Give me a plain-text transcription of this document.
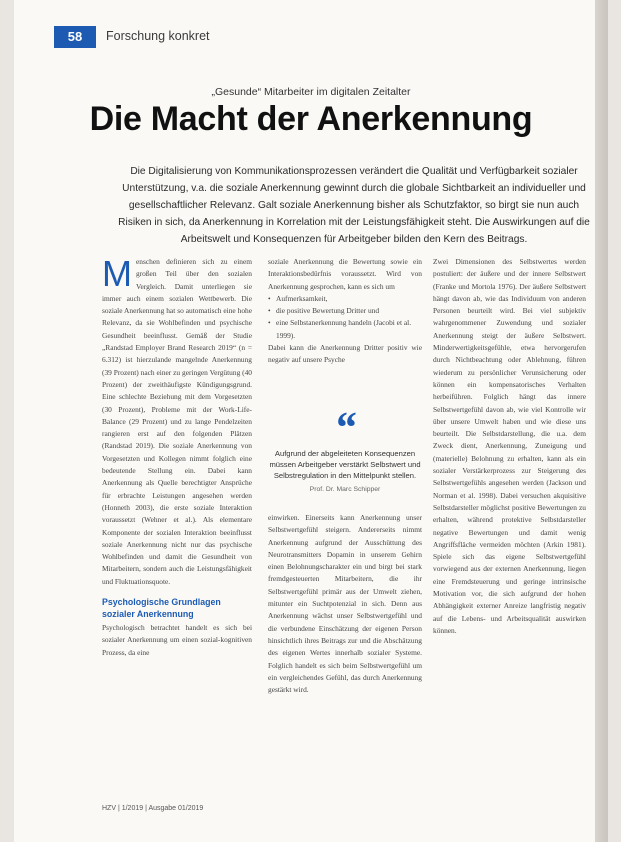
58	Forschung konkret
„Gesunde“ Mitarbeiter im digitalen Zeitalter
Die Macht der Anerkennung
Die Digitalisierung von Kommunikationsprozessen verändert die Qualität und Verfügbarkeit sozialer Unterstützung, v.a. die soziale Anerkennung gewinnt durch die globale Sichtbarkeit an individueller und gesellschaftlicher Relevanz. Galt soziale Anerkennung bisher als Schutzfaktor, so birgt sie nun auch Risiken in sich, da Anerkennung in Korrelation mit der Leistungsfähigkeit steht. Die Auswirkungen auf die Arbeitswelt und Konsequenzen für Arbeitgeber bilden den Kern des Beitrags.

Menschen definieren sich zu einem großen Teil über den sozialen Vergleich. Damit unterliegen sie immer auch einem sozialen Wettbewerb. Die soziale Anerkennung hat so automatisch eine hohe Relevanz, da sie Wohlbefinden und psychische Gesundheit beeinflusst. Gemäß der Studie „Randstad Employer Brand Research 2019“ (n = 6.312) ist hierzulande mangelnde Anerkennung (39 Prozent) nach einer zu geringen Vergütung (40 Prozent) der zweithäufigste Kündigungsgrund. Eine schlechte Beziehung mit dem Vorgesetzten (30 Prozent), Probleme mit der Work-Life-Balance (29 Prozent) und zu lange Pendelzeiten rangieren erst auf den folgenden Plätzen (Randstad 2019). Die soziale Anerkennung von Vorgesetzten und Kollegen nimmt folglich eine bedeutende Stellung ein. Dabei kann Anerkennung als Quelle berechtigter Ansprüche für erbrachte Leistungen angesehen werden (Honneth 2003), die erste soziale Interaktion voraussetzt (Wehner et al.). Als elementare Komponente der sozialen Interaktion beeinflusst soziale Anerkennung nicht nur das psychische Wohlbefinden und damit die Gesundheit von Mitarbeitern, sondern auch die Leistungsfähigkeit und Fluktuationsquote.

Psychologische Grundlagen sozialer Anerkennung

Psychologisch betrachtet handelt es sich bei sozialer Anerkennung um einen sozial-kognitiven Prozess, da eine

soziale Anerkennung die Bewertung sowie ein Interaktionsbedürfnis voraussetzt. Wird von Anerkennung gesprochen, kann es sich um

• Aufmerksamkeit,
• die positive Bewertung Dritter und
• eine Selbstanerkennung handeln (Jacobi et al. 1999).

Dabei kann die Anerkennung Dritter positiv wie negativ auf unsere Psyche

“
Aufgrund der abgeleiteten Konsequenzen müssen Arbeitgeber verstärkt Selbstwert und Selbstregulation in den Mittelpunkt stellen.
Prof. Dr. Marc Schipper

einwirken. Einerseits kann Anerkennung unser Selbstwertgefühl steigern. Andererseits nimmt Anerkennung aufgrund der Ausschüttung des Neurotransmitters Dopamin in unserem Gehirn einen Belohnungscharakter ein und birgt bei stark fremdgesteuerten Mitarbeitern, die ihr Selbstwertgefühl primär aus der Umwelt ziehen, mitunter ein Suchtpotenzial in sich. Denn aus Anerkennung wächst unser Selbstwertgefühl und die verbundene Einschätzung der eigenen Person hinsichtlich ihres Beitrags zur und die Abschätzung des eigenen Wertes innerhalb sozialer Systeme. Folglich handelt es sich beim Selbstwertgefühl um ein vergleichendes Gefühl, das durch Anerkennung gestärkt wird.

Zwei Dimensionen des Selbstwertes werden postuliert: der äußere und der innere Selbstwert (Franke und Mortola 1976). Der äußere Selbstwert hängt davon ab, wie das Individuum von anderen Personen beurteilt wird. Bei viel subjektiv wahrgenommener Zuwendung und sozialer Anerkennung steigt der äußere Selbstwert. Minderwertigkeitsgefühle, etwa hervorgerufen durch Nichtbeachtung oder Ablehnung, führen wiederum zu persönlicher Verunsicherung oder können ein kompensatorisches Verhalten herbeiführen. Folglich hängt das innere Selbstwertgefühl davon ab, wie viel Kontrolle wir über unsere Umwelt haben und wie diese uns beurteilt. Die Selbstdarstellung, die u.a. dem Zweck dient, Anerkennung, Zuneigung und (materielle) Belohnung zu erhalten, kann als ein sozialer Verstärkerprozess zur Steigerung des Selbstwertgefühls angesehen werden (Jackson und Norman et al. 1998). Dabei versuchen akquisitive Selbstdarsteller möglichst positive Bewertungen zu erhalten, während protektive Selbstdarsteller negative Bewertungen und damit wenig Angriffsfläche vermeiden möchten (Arkin 1981). Spiele sich das eigene Selbstwertgefühl vorwiegend aus der externen Anerkennung, liegen eine Fremdsteuerung und geringe intrinsische Motivation vor, die sich aufgrund der hohen Abhängigkeit externer Anreize langfristig negativ auf die Lebens- und Arbeitsqualität auswirken können.

HZV | 1/2019 | Ausgabe 01/2019
